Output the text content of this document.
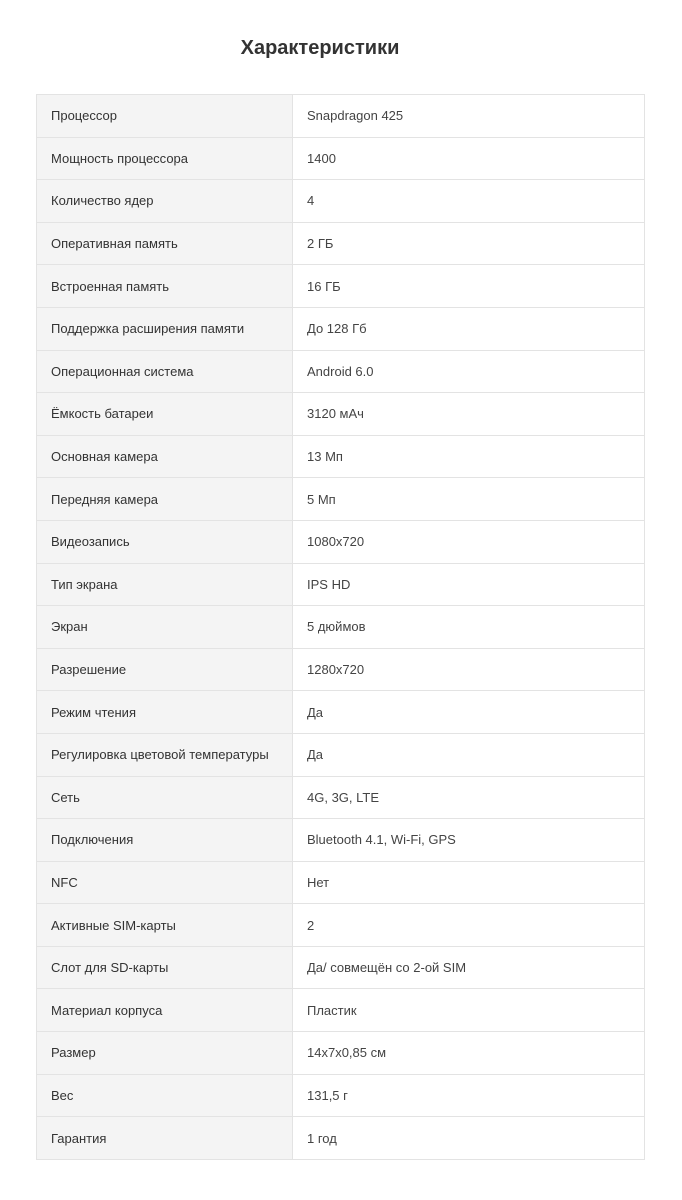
Характеристики
Процессор	Snapdragon 425
Мощность процессора	1400
Количество ядер	4
Оперативная память	2 ГБ
Встроенная память	16 ГБ
Поддержка расширения памяти	До 128 Гб
Операционная система	Android 6.0
Ёмкость батареи	3120 мАч
Основная камера	13 Мп
Передняя камера	5 Мп
Видеозапись	1080x720
Тип экрана	IPS HD
Экран	5 дюймов
Разрешение	1280x720
Режим чтения	Да
Регулировка цветовой температуры	Да
Сеть	4G, 3G, LTE
Подключения	Bluetooth 4.1, Wi-Fi, GPS
NFC	Нет
Активные SIM-карты	2
Слот для SD-карты	Да/ совмещён со 2-ой SIM
Материал корпуса	Пластик
Размер	14x7x0,85 см
Вес	131,5 г
Гарантия	1 год
